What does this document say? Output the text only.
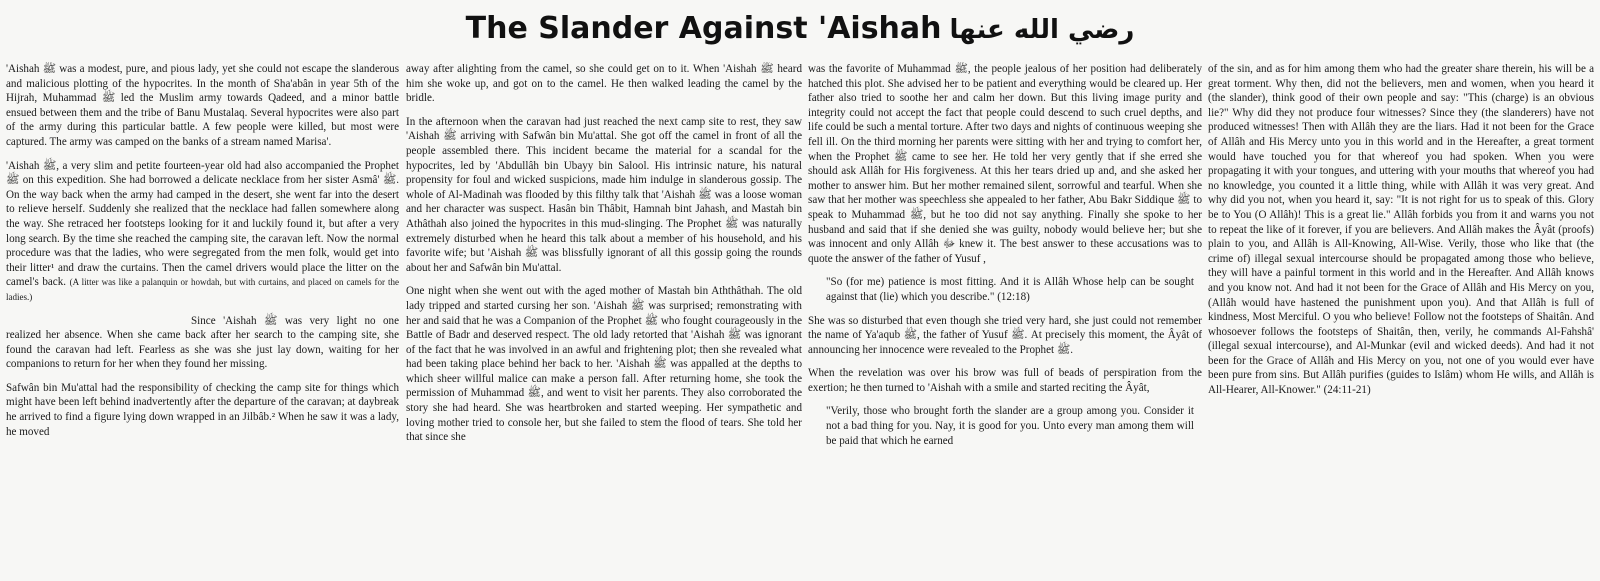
The Slander Against 'Aishah رضي الله عنها

'Aishah ﷺ was a modest, pure, and pious lady, yet she could not escape the slanderous and malicious plotting of the hypocrites. In the month of Sha'abân in year 5th of the Hijrah, Muhammad ﷺ led the Muslim army towards Qadeed, and a minor battle ensued between them and the tribe of Banu Mustalaq. Several hypocrites were also part of the army during this particular battle. A few people were killed, but most were captured. The army was camped on the banks of a stream named Marisa'.

'Aishah ﷺ, a very slim and petite fourteen-year old had also accompanied the Prophet ﷺ on this expedition. She had borrowed a delicate necklace from her sister Asmâ' ﷺ. On the way back when the army had camped in the desert, she went far into the desert to relieve herself. Suddenly she realized that the necklace had fallen somewhere along the way. She retraced her footsteps looking for it and luckily found it, but after a very long search. By the time she reached the camping site, the caravan left. Now the normal procedure was that the ladies, who were segregated from the men folk, would get into their litter¹ and draw the curtains. Then the camel drivers would place the litter on the camel's back. (A litter was like a palanquin or howdah, but with curtains, and placed on camels for the ladies.)

Since 'Aishah ﷺ was very light no one realized her absence. When she came back after her search to the camping site, she found the caravan had left. Fearless as she was she just lay down, waiting for her companions to return for her when they found her missing.

Safwân bin Mu'attal had the responsibility of checking the camp site for things which might have been left behind inadvertently after the departure of the caravan; at daybreak he arrived to find a figure lying down wrapped in an Jilbâb.² When he saw it was a lady, he moved

away after alighting from the camel, so she could get on to it. When 'Aishah ﷺ heard him she woke up, and got on to the camel. He then walked leading the camel by the bridle.

In the afternoon when the caravan had just reached the next camp site to rest, they saw 'Aishah ﷺ arriving with Safwân bin Mu'attal. She got off the camel in front of all the people assembled there. This incident became the material for a scandal for the hypocrites, led by 'Abdullâh bin Ubayy bin Salool. His intrinsic nature, his natural propensity for foul and wicked suspicions, made him indulge in slanderous gossip. The whole of Al-Madinah was flooded by this filthy talk that 'Aishah ﷺ was a loose woman and her character was suspect. Hasân bin Thâbit, Hamnah bint Jahash, and Mastah bin Athâthah also joined the hypocrites in this mud-slinging. The Prophet ﷺ was naturally extremely disturbed when he heard this talk about a member of his household, and his favorite wife; but 'Aishah ﷺ was blissfully ignorant of all this gossip going the rounds about her and Safwân bin Mu'attal.

One night when she went out with the aged mother of Mastah bin Aththâthah. The old lady tripped and started cursing her son. 'Aishah ﷺ was surprised; remonstrating with her and said that he was a Companion of the Prophet ﷺ who fought courageously in the Battle of Badr and deserved respect. The old lady retorted that 'Aishah ﷺ was ignorant of the fact that he was involved in an awful and frightening plot; then she revealed what had been taking place behind her back to her. 'Aishah ﷺ was appalled at the depths to which sheer willful malice can make a person fall. After returning home, she took the permission of Muhammad ﷺ, and went to visit her parents. They also corroborated the story she had heard. She was heartbroken and started weeping. Her sympathetic and loving mother tried to console her, but she failed to stem the flood of tears. She told her that since she

was the favorite of Muhammad ﷺ, the people jealous of her position had deliberately hatched this plot. She advised her to be patient and everything would be cleared up. Her father also tried to soothe her and calm her down. But this living image purity and integrity could not accept the fact that people could descend to such cruel depths, and life could be such a mental torture. After two days and nights of continuous weeping she fell ill. On the third morning her parents were sitting with her and trying to comfort her, when the Prophet ﷺ came to see her. He told her very gently that if she erred she should ask Allâh for His forgiveness. At this her tears dried up and, and she asked her mother to answer him. But her mother remained silent, sorrowful and tearful. When she saw that her mother was speechless she appealed to her father, Abu Bakr Siddique ﷺ to speak to Muhammad ﷺ, but he too did not say anything. Finally she spoke to her husband and said that if she denied she was guilty, nobody would believe her; but she was innocent and only Allâh ﷻ knew it. The best answer to these accusations was to quote the answer of the father of Yusuf ,

"So (for me) patience is most fitting. And it is Allâh Whose help can be sought against that (lie) which you describe." (12:18)

She was so disturbed that even though she tried very hard, she just could not remember the name of Ya'aqub ﷺ, the father of Yusuf ﷺ. At precisely this moment, the Âyât of announcing her innocence were revealed to the Prophet ﷺ.

When the revelation was over his brow was full of beads of perspiration from the exertion; he then turned to 'Aishah with a smile and started reciting the Âyât,

"Verily, those who brought forth the slander are a group among you. Consider it not a bad thing for you. Nay, it is good for you. Unto every man among them will be paid that which he earned

of the sin, and as for him among them who had the greater share therein, his will be a great torment. Why then, did not the believers, men and women, when you heard it (the slander), think good of their own people and say: "This (charge) is an obvious lie?" Why did they not produce four witnesses? Since they (the slanderers) have not produced witnesses! Then with Allâh they are the liars. Had it not been for the Grace of Allâh and His Mercy unto you in this world and in the Hereafter, a great torment would have touched you for that whereof you had spoken. When you were propagating it with your tongues, and uttering with your mouths that whereof you had no knowledge, you counted it a little thing, while with Allâh it was very great. And why did you not, when you heard it, say: "It is not right for us to speak of this. Glory be to You (O Allâh)! This is a great lie." Allâh forbids you from it and warns you not to repeat the like of it forever, if you are believers. And Allâh makes the Âyât (proofs) plain to you, and Allâh is All-Knowing, All-Wise. Verily, those who like that (the crime of) illegal sexual intercourse should be propagated among those who believe, they will have a painful torment in this world and in the Hereafter. And Allâh knows and you know not. And had it not been for the Grace of Allâh and His Mercy on you, (Allâh would have hastened the punishment upon you). And that Allâh is full of kindness, Most Merciful. O you who believe! Follow not the footsteps of Shaitân. And whosoever follows the footsteps of Shaitân, then, verily, he commands Al-Fahshâ' (illegal sexual intercourse), and Al-Munkar (evil and wicked deeds). And had it not been for the Grace of Allâh and His Mercy on you, not one of you would ever have been pure from sins. But Allâh purifies (guides to Islâm) whom He wills, and Allâh is All-Hearer, All-Knower." (24:11-21)
